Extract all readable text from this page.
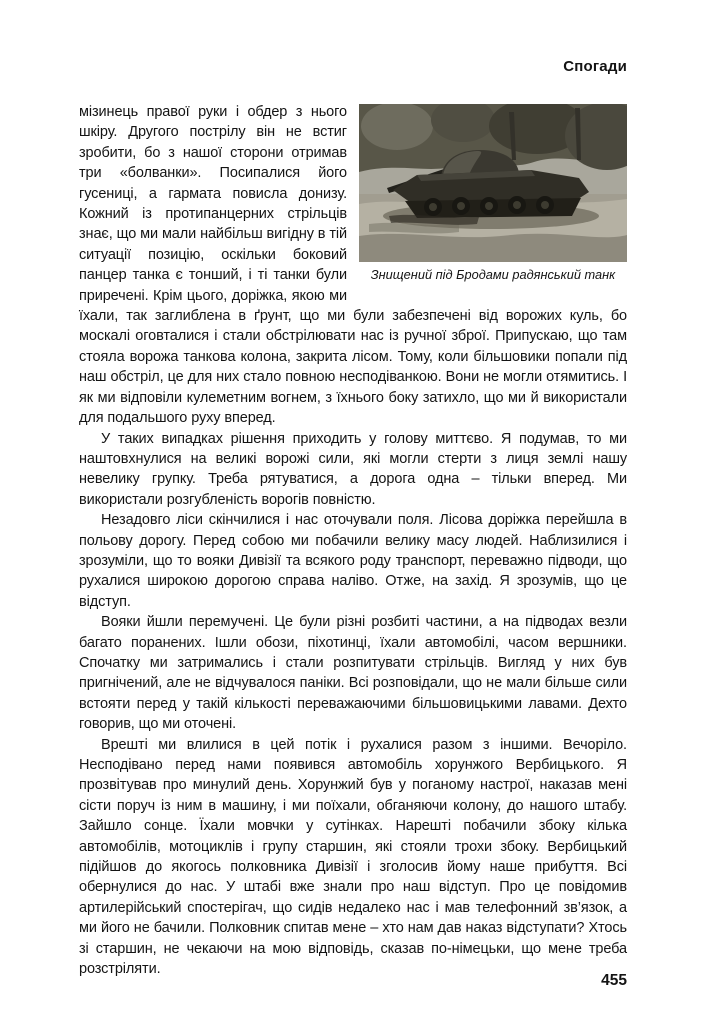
Спогади
Знищений під Бродами радянський танк

мізинець правої руки і обдер з нього шкіру. Другого пострілу він не встиг зробити, бо з нашої сторони отримав три «болванки». Посипалися його гусениці, а гармата повисла донизу. Кожний із протипанцерних стрільців знає, що ми мали найбільш вигідну в тій ситуації позицію, оскільки боковий панцер танка є тонший, і ті танки були приречені. Крім цього, доріжка, якою ми їхали, так заглиблена в ґрунт, що ми були забезпечені від ворожих куль, бо москалі оговталися і стали обстрілювати нас із ручної зброї. Припускаю, що там стояла ворожа танкова колона, закрита лісом. Тому, коли більшовики попали під наш обстріл, це для них стало повною несподіванкою. Вони не могли отямитись. І як ми відповіли кулеметним вогнем, з їхнього боку затихло, що ми й використали для подальшого руху вперед.

У таких випадках рішення приходить у голову миттєво. Я подумав, то ми наштовхнулися на великі ворожі сили, які могли стерти з лиця землі нашу невелику групку. Треба рятуватися, а дорога одна – тільки вперед. Ми використали розгубленість ворогів повністю.

Незадовго ліси скінчилися і нас оточували поля. Лісова доріжка перейшла в польову дорогу. Перед собою ми побачили велику масу людей. Наблизилися і зрозуміли, що то вояки Дивізії та всякого роду транспорт, переважно підводи, що рухалися широкою дорогою справа наліво. Отже, на захід. Я зрозумів, що це відступ.

Вояки йшли перемучені. Це були різні розбиті частини, а на підводах везли багато поранених. Ішли обози, піхотинці, їхали автомобілі, часом вершники. Спочатку ми затримались і стали розпитувати стрільців. Вигляд у них був пригнічений, але не відчувалося паніки. Всі розповідали, що не мали більше сили встояти перед у такій кількості переважаючими більшовицькими лавами. Дехто говорив, що ми оточені.

Врешті ми влилися в цей потік і рухалися разом з іншими. Вечоріло. Несподівано перед нами появився автомобіль хорунжого Вербицького. Я прозвітував про минулий день. Хорунжий був у поганому настрої, наказав мені сісти поруч із ним в машину, і ми поїхали, обганяючи колону, до нашого штабу. Зайшло сонце. Їхали мовчки у сутінках. Нарешті побачили збоку кілька автомобілів, мотоциклів і групу старшин, які стояли трохи збоку. Вербицький підійшов до якогось полковника Дивізії і зголосив йому наше прибуття. Всі обернулися до нас. У штабі вже знали про наш відступ. Про це повідомив артилерійський спостерігач, що сидів недалеко нас і мав телефонний зв’язок, а ми його не бачили. Полковник спитав мене – хто нам дав наказ відступати? Хтось зі старшин, не чекаючи на мою відповідь, сказав по-німецьки, що мене треба розстріляти.

455
